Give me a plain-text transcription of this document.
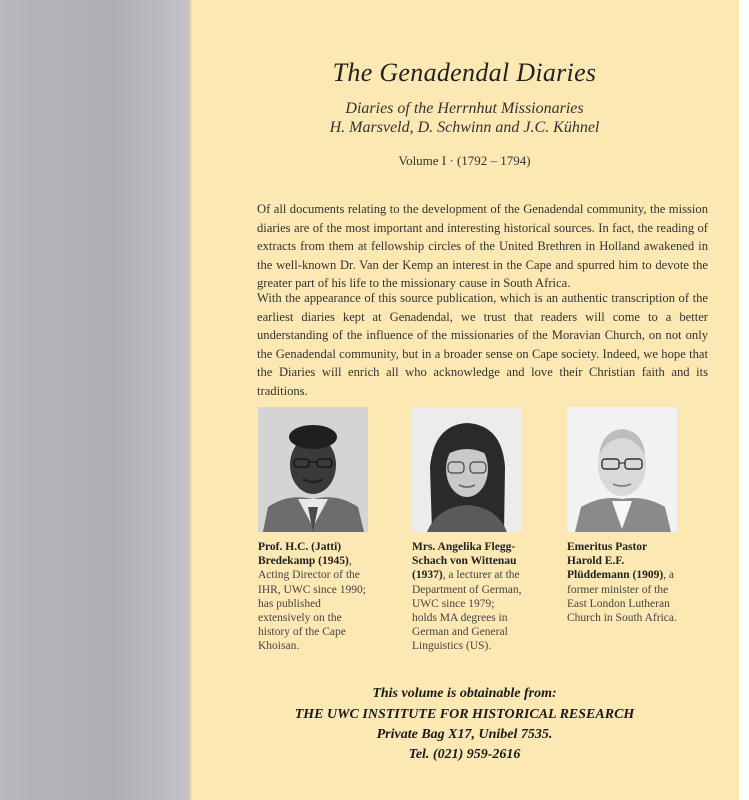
The Genadendal Diaries
Diaries of the Herrnhut Missionaries
H. Marsveld, D. Schwinn and J.C. Kühnel
Volume I · (1792 – 1794)

Of all documents relating to the development of the Genadendal community, the mission diaries are of the most important and interesting historical sources. In fact, the reading of extracts from them at fellowship circles of the United Brethren in Holland awakened in the well-known Dr. Van der Kemp an interest in the Cape and spurred him to devote the greater part of his life to the missionary cause in South Africa.

With the appearance of this source publication, which is an authentic transcription of the earliest diaries kept at Genadendal, we trust that readers will come to a better understanding of the influence of the missionaries of the Moravian Church, on not only the Genadendal community, but in a broader sense on Cape society. Indeed, we hope that the Diaries will enrich all who acknowledge and love their Christian faith and its traditions.

Prof. H.C. (Jatti) Bredekamp (1945), Acting Director of the IHR, UWC since 1990; has published extensively on the history of the Cape Khoisan.
Mrs. Angelika Flegg-Schach von Wittenau (1937), a lecturer at the Department of German, UWC since 1979; holds MA degrees in German and General Linguistics (US).
Emeritus Pastor Harold E.F. Plüddemann (1909), a former minister of the East London Lutheran Church in South Africa.
This volume is obtainable from:
THE UWC INSTITUTE FOR HISTORICAL RESEARCH
Private Bag X17, Unibel 7535.
Tel. (021) 959-2616
